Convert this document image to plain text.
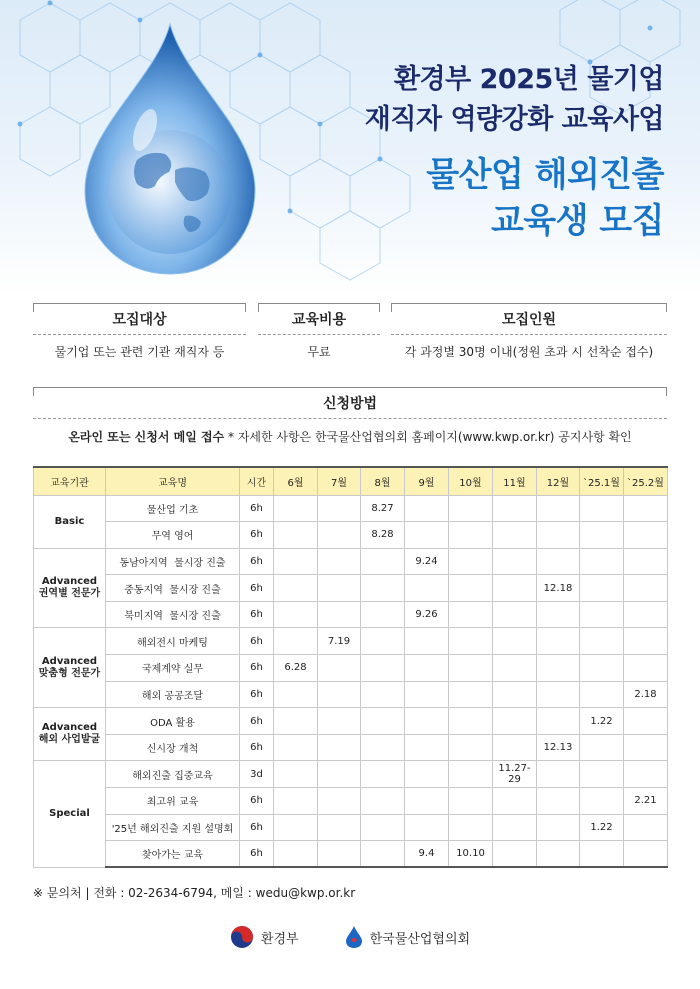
환경부 2025년 물기업
재직자 역량강화 교육사업
물산업 해외진출
교육생 모집
모집대상	교육비용	모집인원
물기업 또는 관련 기관 재직자 등	무료	각 과정별 30명 이내(정원 초과 시 선착순 접수)
신청방법
온라인 또는 신청서 메일 접수 * 자세한 사항은 한국물산업협의회 홈페이지(www.kwp.or.kr) 공지사항 확인
교육기관	교육명	시간	6월	7월	8월	9월	10월	11월	12월	`25.1월	`25.2월

Basic	물산업 기초	6h			8.27						
	무역 영어	6h			8.28						

Advanced
권역별 전문가	동남아지역  물시장 진출	6h				9.24					
	중동지역  물시장 진출	6h							12.18		
	북미지역  물시장 진출	6h				9.26					

Advanced
맞춤형 전문가	해외전시 마케팅	6h		7.19							
	국제계약 실무	6h	6.28								
	해외 공공조달	6h									2.18

Advanced
해외 사업발굴	ODA 활용	6h								1.22	
	신시장 개척	6h							12.13		

Special	해외진출 집중교육	3d						11.27-
29			
	최고위 교육	6h									2.21
	'25년 해외진출 지원 설명회	6h								1.22	
	찾아가는 교육	6h				9.4	10.10				
※ 문의처 | 전화 : 02-2634-6794, 메일 : wedu@kwp.or.kr
환경부	한국물산업협의회
